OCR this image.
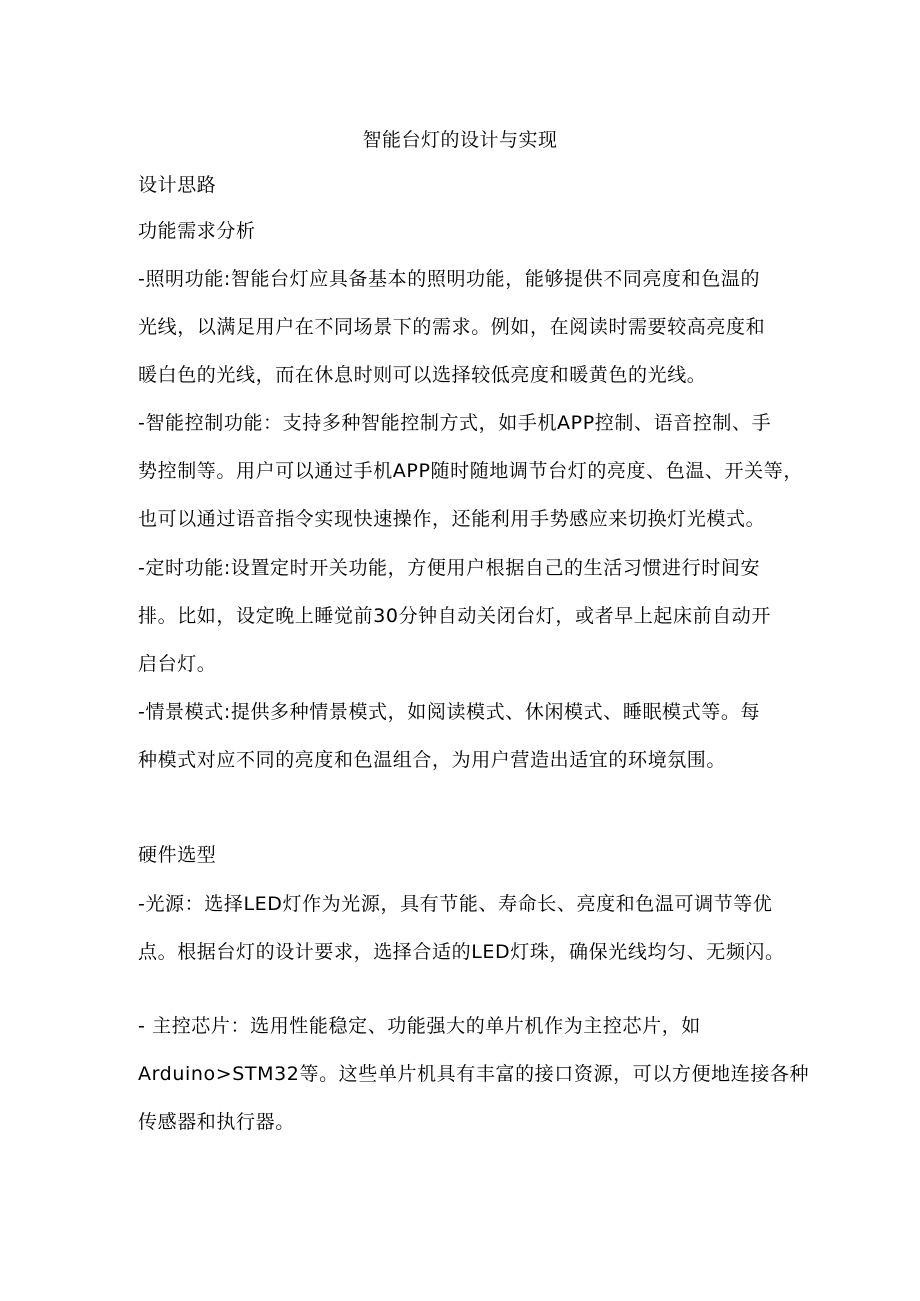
智能台灯的设计与实现
设计思路
功能需求分析
-照明功能:智能台灯应具备基本的照明功能，能够提供不同亮度和色温的
光线，以满足用户在不同场景下的需求。例如，在阅读时需要较高亮度和
暖白色的光线，而在休息时则可以选择较低亮度和暖黄色的光线。
-智能控制功能：支持多种智能控制方式，如手机APP控制、语音控制、手
势控制等。用户可以通过手机APP随时随地调节台灯的亮度、色温、开关等，
也可以通过语音指令实现快速操作，还能利用手势感应来切换灯光模式。
-定时功能:设置定时开关功能，方便用户根据自己的生活习惯进行时间安
排。比如，设定晚上睡觉前30分钟自动关闭台灯，或者早上起床前自动开
启台灯。
-情景模式:提供多种情景模式，如阅读模式、休闲模式、睡眠模式等。每
种模式对应不同的亮度和色温组合，为用户营造出适宜的环境氛围。
硬件选型
-光源：选择LED灯作为光源，具有节能、寿命长、亮度和色温可调节等优
点。根据台灯的设计要求，选择合适的LED灯珠，确保光线均匀、无频闪。
- 主控芯片：选用性能稳定、功能强大的单片机作为主控芯片，如
Arduino>STM32等。这些单片机具有丰富的接口资源，可以方便地连接各种
传感器和执行器。
